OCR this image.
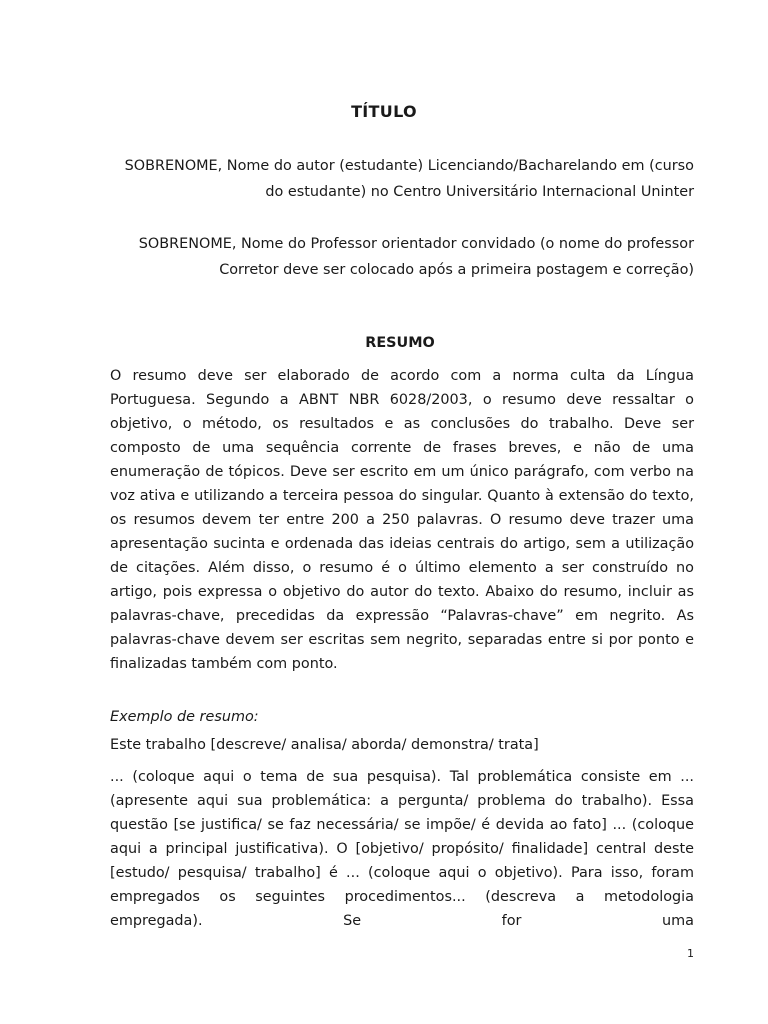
TÍTULO
SOBRENOME, Nome do autor (estudante) Licenciando/Bacharelando em (curso do estudante) no Centro Universitário Internacional Uninter
SOBRENOME, Nome do Professor orientador convidado (o nome do professor Corretor deve ser colocado após a primeira postagem e correção)
RESUMO
O resumo deve ser elaborado de acordo com a norma culta da Língua Portuguesa. Segundo a ABNT NBR 6028/2003, o resumo deve ressaltar o objetivo, o método, os resultados e as conclusões do trabalho. Deve ser composto de uma sequência corrente de frases breves, e não de uma enumeração de tópicos. Deve ser escrito em um único parágrafo, com verbo na voz ativa e utilizando a terceira pessoa do singular. Quanto à extensão do texto, os resumos devem ter entre 200 a 250 palavras. O resumo deve trazer uma apresentação sucinta e ordenada das ideias centrais do artigo, sem a utilização de citações. Além disso, o resumo é o último elemento a ser construído no artigo, pois expressa o objetivo do autor do texto. Abaixo do resumo, incluir as palavras-chave, precedidas da expressão “Palavras-chave” em negrito. As palavras-chave devem ser escritas sem negrito, separadas entre si por ponto e finalizadas também com ponto.
Exemplo de resumo:
Este trabalho [descreve/ analisa/ aborda/ demonstra/ trata]
... (coloque aqui o tema de sua pesquisa). Tal problemática consiste em ... (apresente aqui sua problemática: a pergunta/ problema do trabalho). Essa questão [se justifica/ se faz necessária/ se impõe/ é devida ao fato] ... (coloque aqui a principal justificativa). O [objetivo/ propósito/ finalidade] central deste [estudo/ pesquisa/ trabalho] é ... (coloque aqui o objetivo). Para isso, foram empregados os seguintes procedimentos... (descreva a metodologia empregada). Se for uma
1
